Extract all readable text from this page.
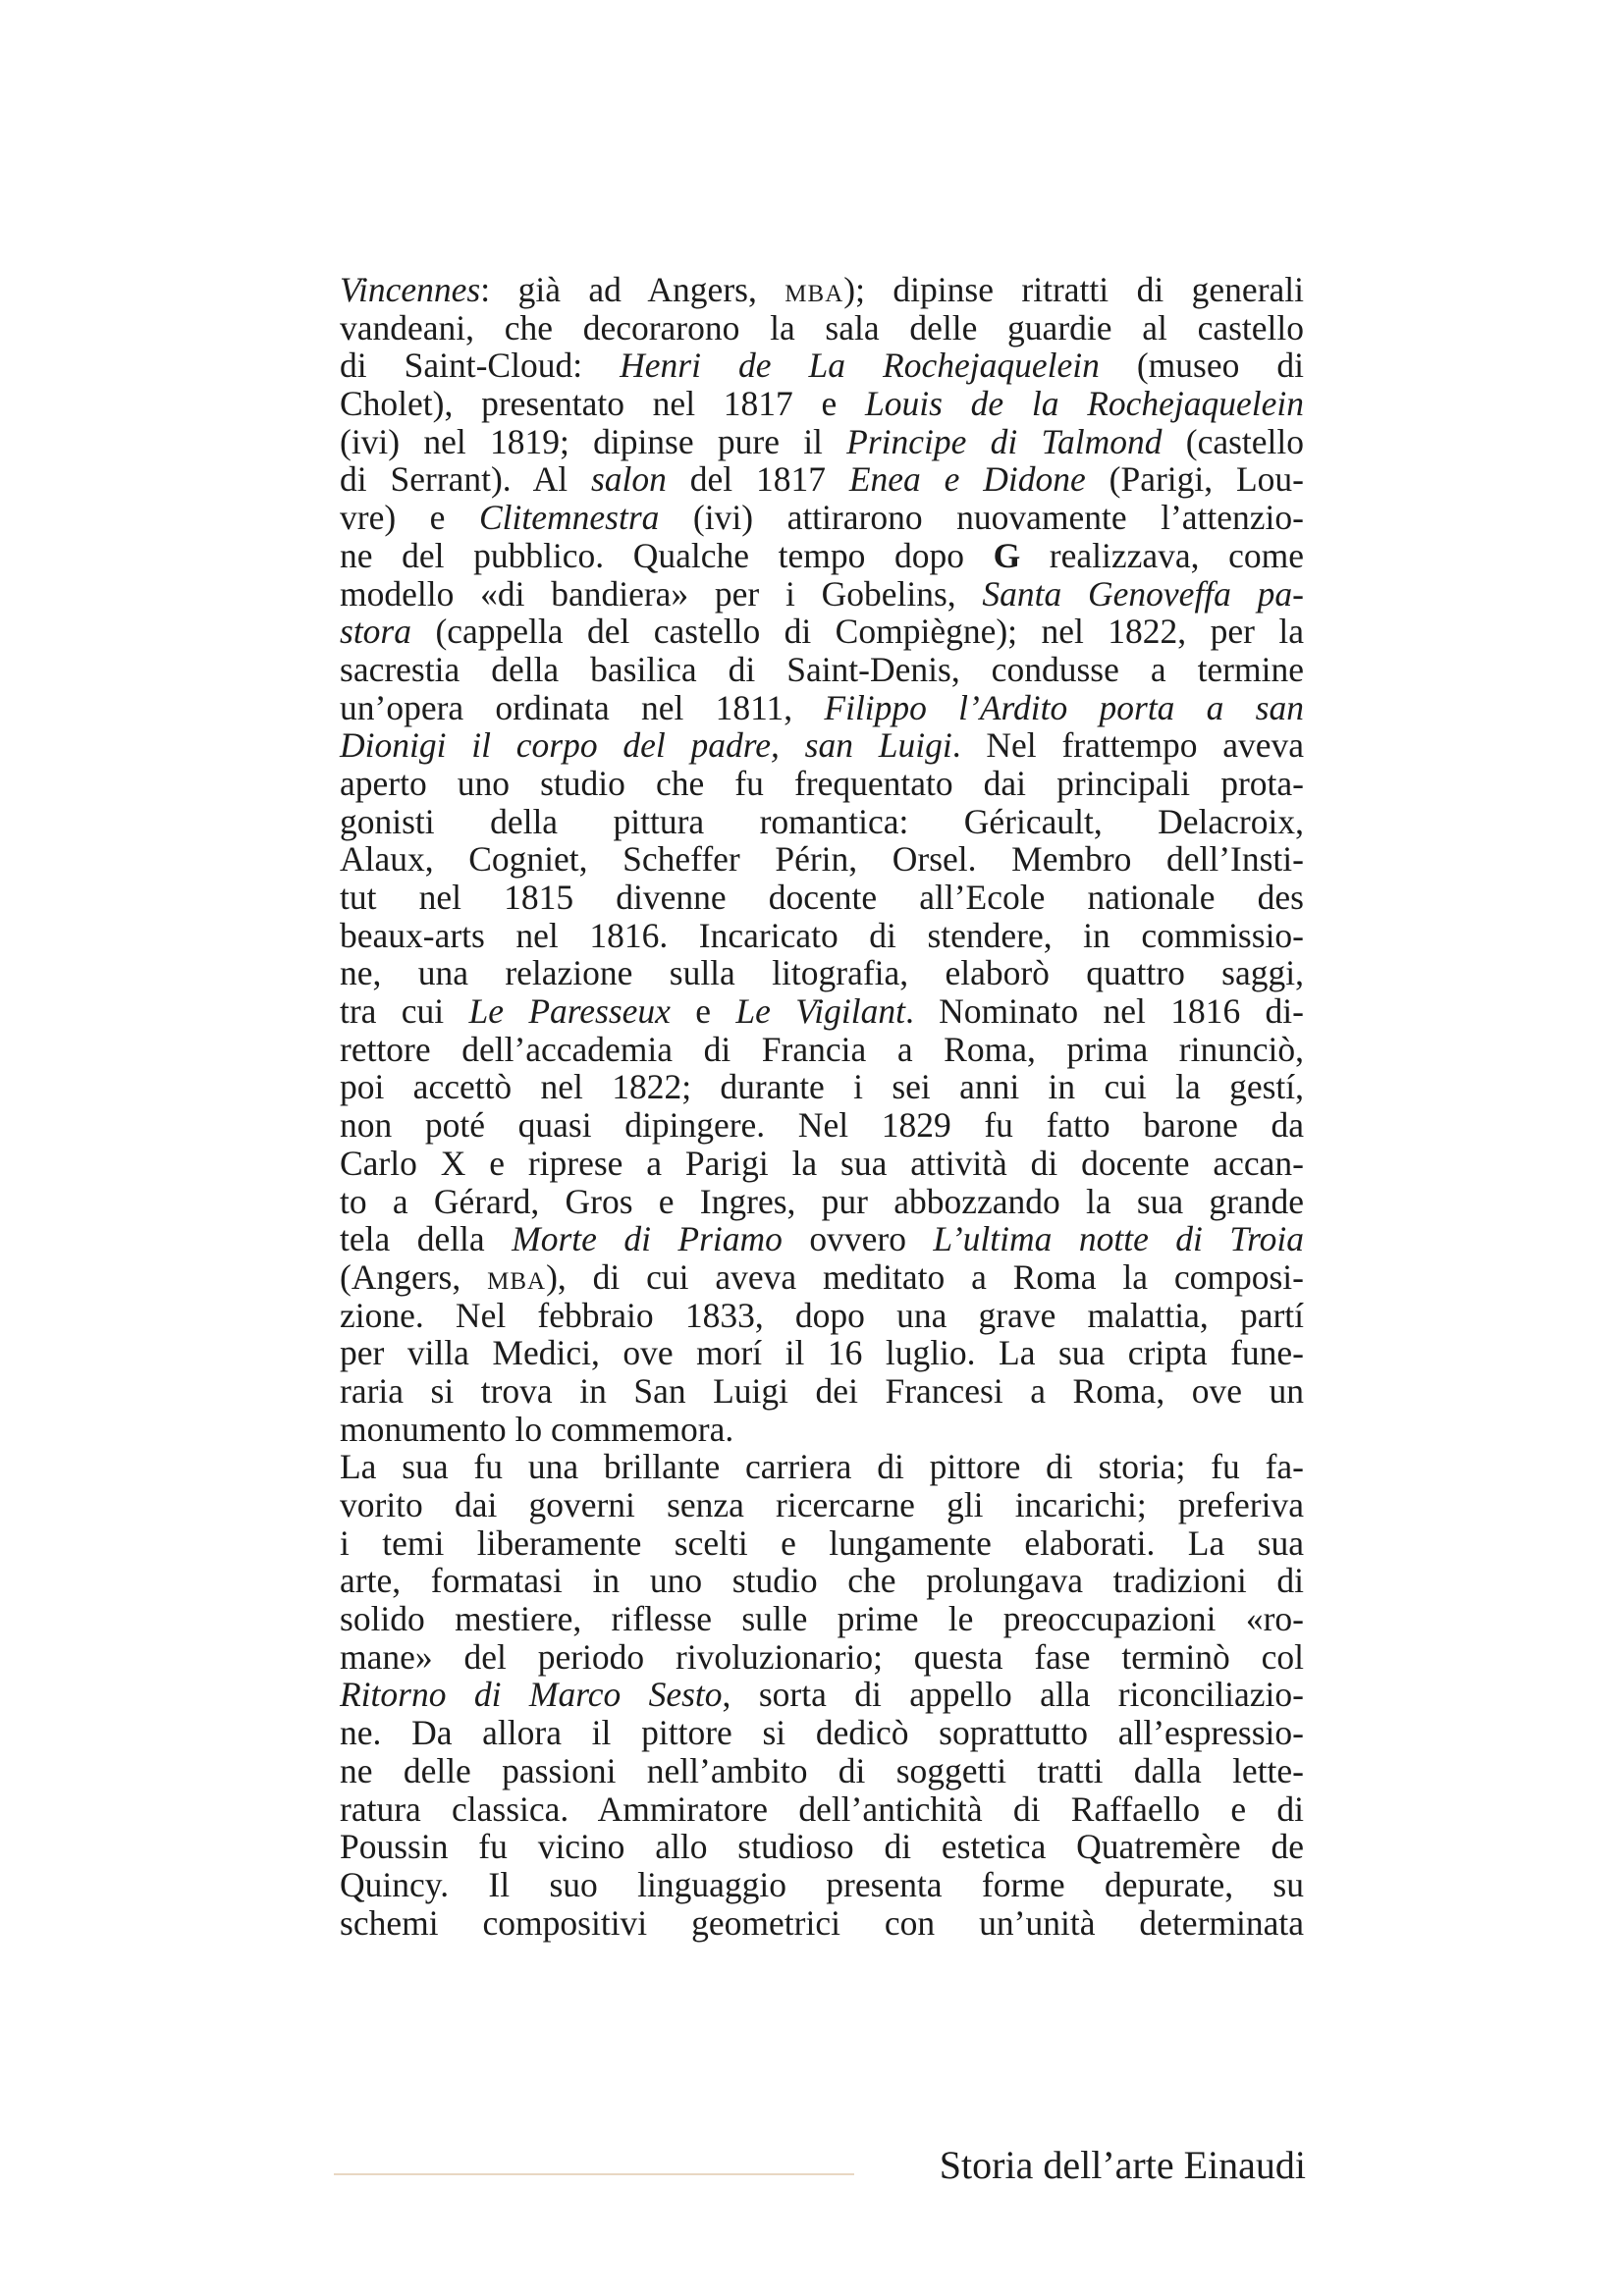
Vincennes: già ad Angers, mba); dipinse ritratti di generali
vandeani, che decorarono la sala delle guardie al castello
di Saint-Cloud: Henri de La Rochejaquelein (museo di
Cholet), presentato nel 1817 e Louis de la Rochejaquelein
(ivi) nel 1819; dipinse pure il Principe di Talmond (castello
di Serrant). Al salon del 1817 Enea e Didone (Parigi, Lou-
vre) e Clitemnestra (ivi) attirarono nuovamente l’attenzio-
ne del pubblico. Qualche tempo dopo G realizzava, come
modello «di bandiera» per i Gobelins, Santa Genoveffa pa-
stora (cappella del castello di Compiègne); nel 1822, per la
sacrestia della basilica di Saint-Denis, condusse a termine
un’opera ordinata nel 1811, Filippo l’Ardito porta a san
Dionigi il corpo del padre, san Luigi. Nel frattempo aveva
aperto uno studio che fu frequentato dai principali prota-
gonisti della pittura romantica: Géricault, Delacroix,
Alaux, Cogniet, Scheffer Périn, Orsel. Membro dell’Insti-
tut nel 1815 divenne docente all’Ecole nationale des
beaux-arts nel 1816. Incaricato di stendere, in commissio-
ne, una relazione sulla litografia, elaborò quattro saggi,
tra cui Le Paresseux e Le Vigilant. Nominato nel 1816 di-
rettore dell’accademia di Francia a Roma, prima rinunciò,
poi accettò nel 1822; durante i sei anni in cui la gestí,
non poté quasi dipingere. Nel 1829 fu fatto barone da
Carlo X e riprese a Parigi la sua attività di docente accan-
to a Gérard, Gros e Ingres, pur abbozzando la sua grande
tela della Morte di Priamo ovvero L’ultima notte di Troia
(Angers, mba), di cui aveva meditato a Roma la composi-
zione. Nel febbraio 1833, dopo una grave malattia, partí
per villa Medici, ove morí il 16 luglio. La sua cripta fune-
raria si trova in San Luigi dei Francesi a Roma, ove un
monumento lo commemora.
La sua fu una brillante carriera di pittore di storia; fu fa-
vorito dai governi senza ricercarne gli incarichi; preferiva
i temi liberamente scelti e lungamente elaborati. La sua
arte, formatasi in uno studio che prolungava tradizioni di
solido mestiere, riflesse sulle prime le preoccupazioni «ro-
mane» del periodo rivoluzionario; questa fase terminò col
Ritorno di Marco Sesto, sorta di appello alla riconciliazio-
ne. Da allora il pittore si dedicò soprattutto all’espressio-
ne delle passioni nell’ambito di soggetti tratti dalla lette-
ratura classica. Ammiratore dell’antichità di Raffaello e di
Poussin fu vicino allo studioso di estetica Quatremère de
Quincy. Il suo linguaggio presenta forme depurate, su
schemi compositivi geometrici con un’unità determinata
Storia dell’arte Einaudi
